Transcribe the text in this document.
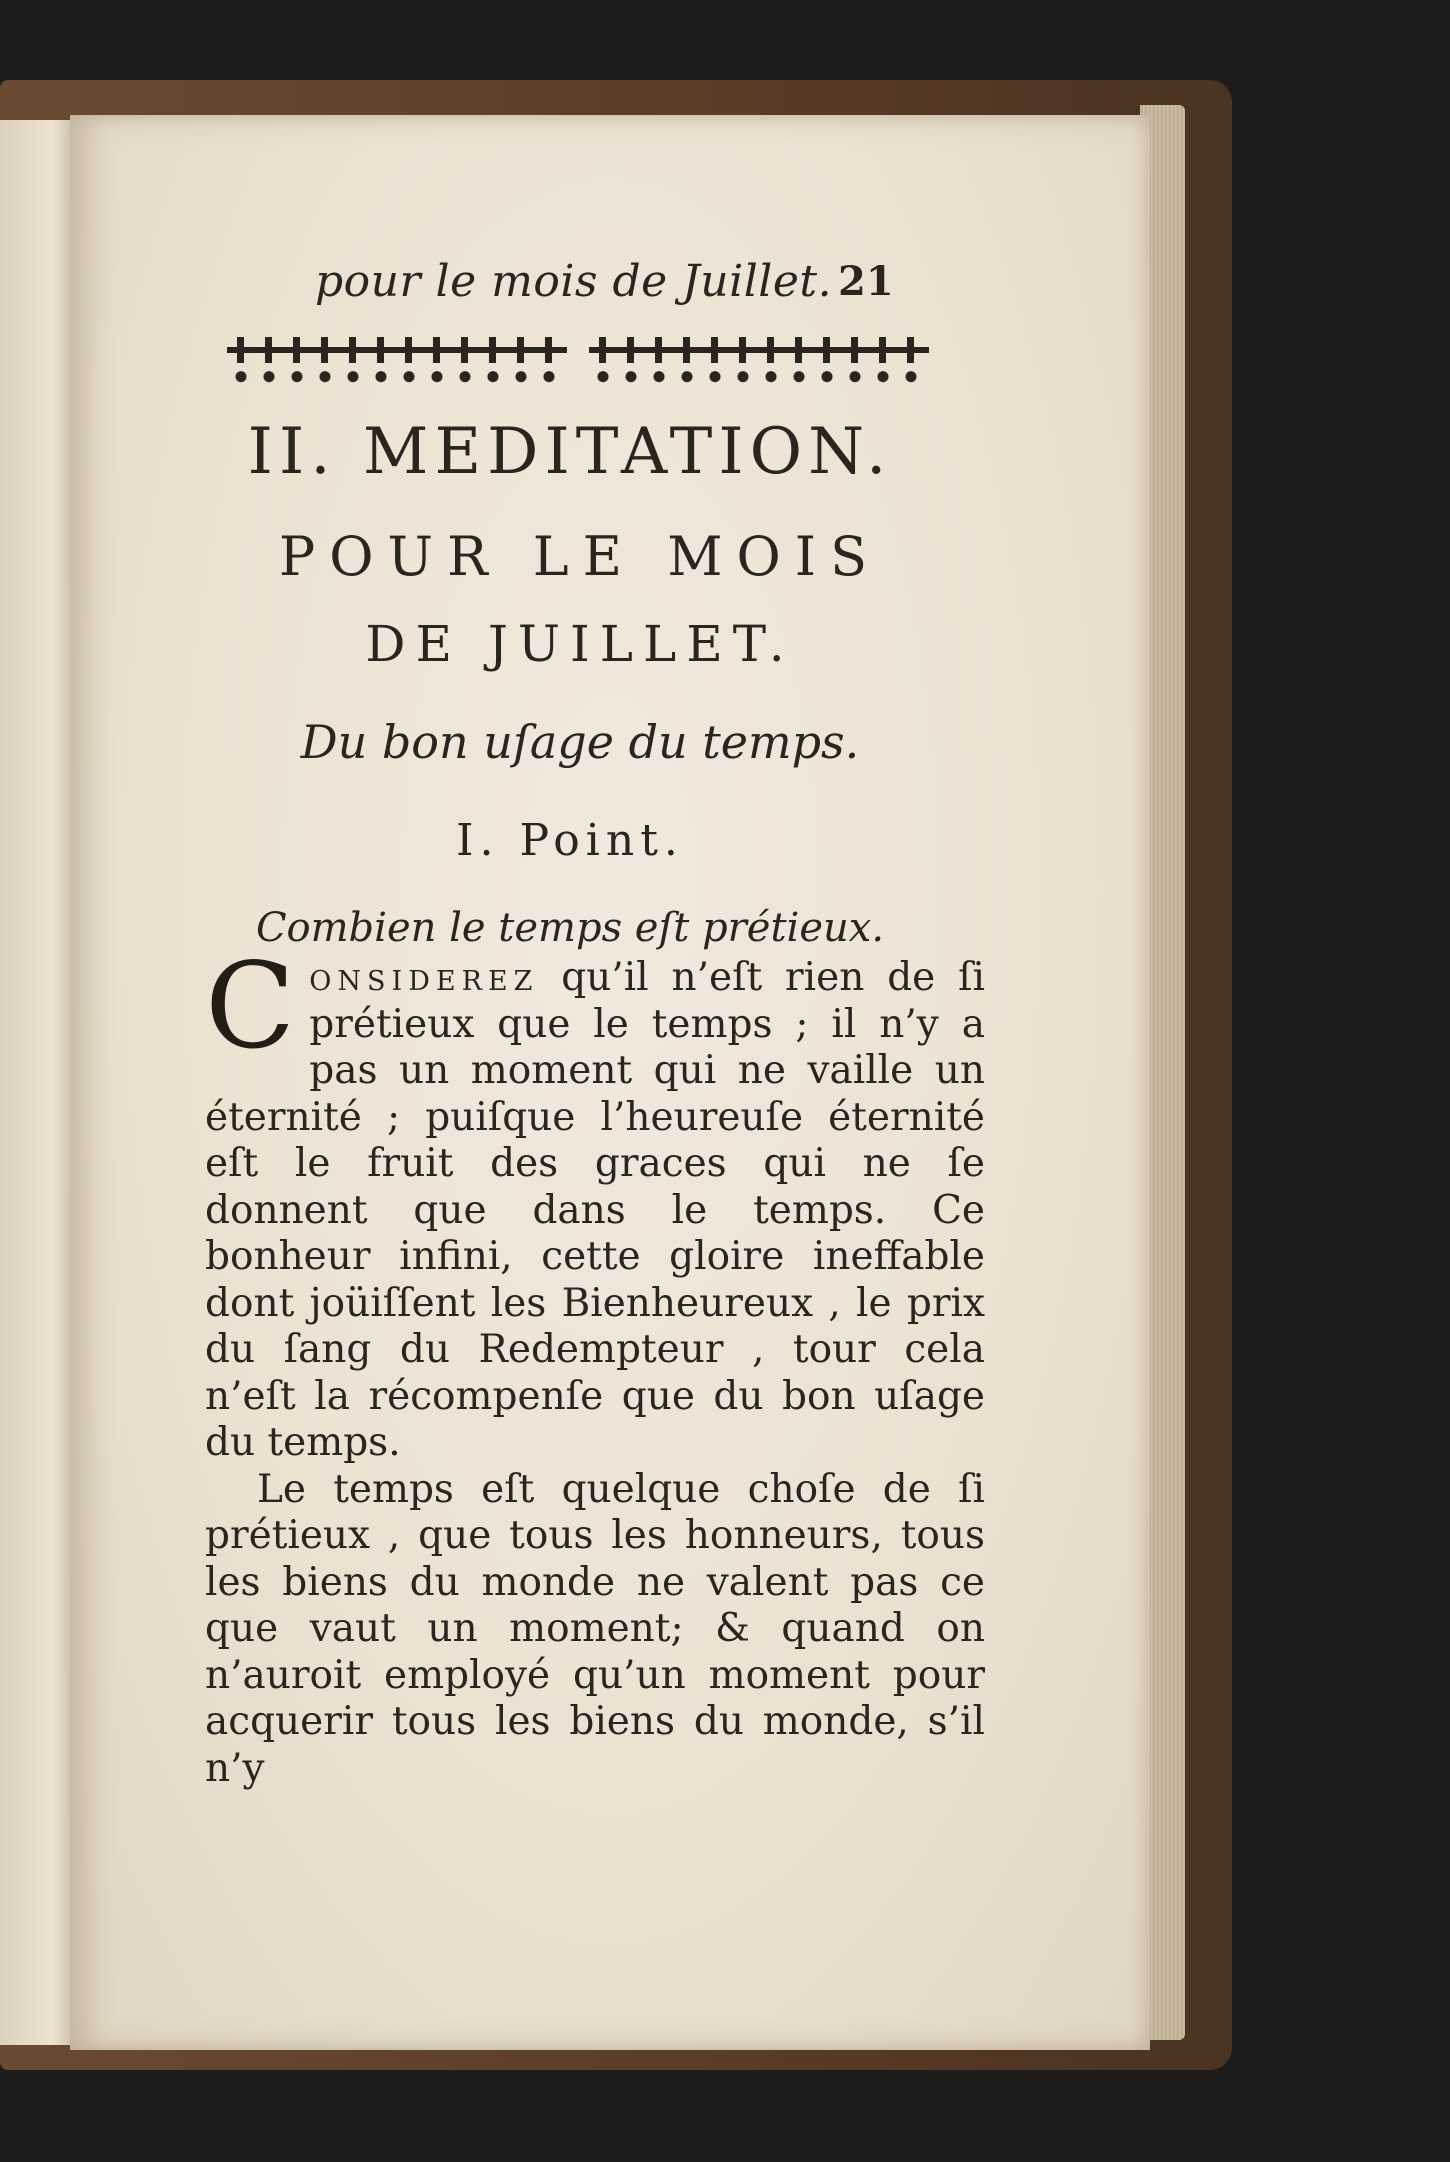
pour le mois de Juillet. 21
II. MEDITATION.
POUR LE MOIS
DE JUILLET.
Du bon uſage du temps.
I. Point.
Combien le temps eſt prétieux.

Considerez qu’il n’eſt rien de ſi prétieux que le temps ; il n’y a pas un moment qui ne vaille un éternité ; puiſque l’heureuſe éternité eſt le fruit des graces qui ne ſe donnent que dans le temps. Ce bonheur infini, cette gloire ineffable dont joüiſſent les Bienheureux , le prix du ſang du Redempteur , tour cela n’eſt la récompenſe que du bon uſage du temps.

Le temps eſt quelque choſe de ſi prétieux , que tous les honneurs, tous les biens du monde ne valent pas ce que vaut un moment; & quand on n’auroit employé qu’un moment pour acquerir tous les biens du monde, s’il n’y
